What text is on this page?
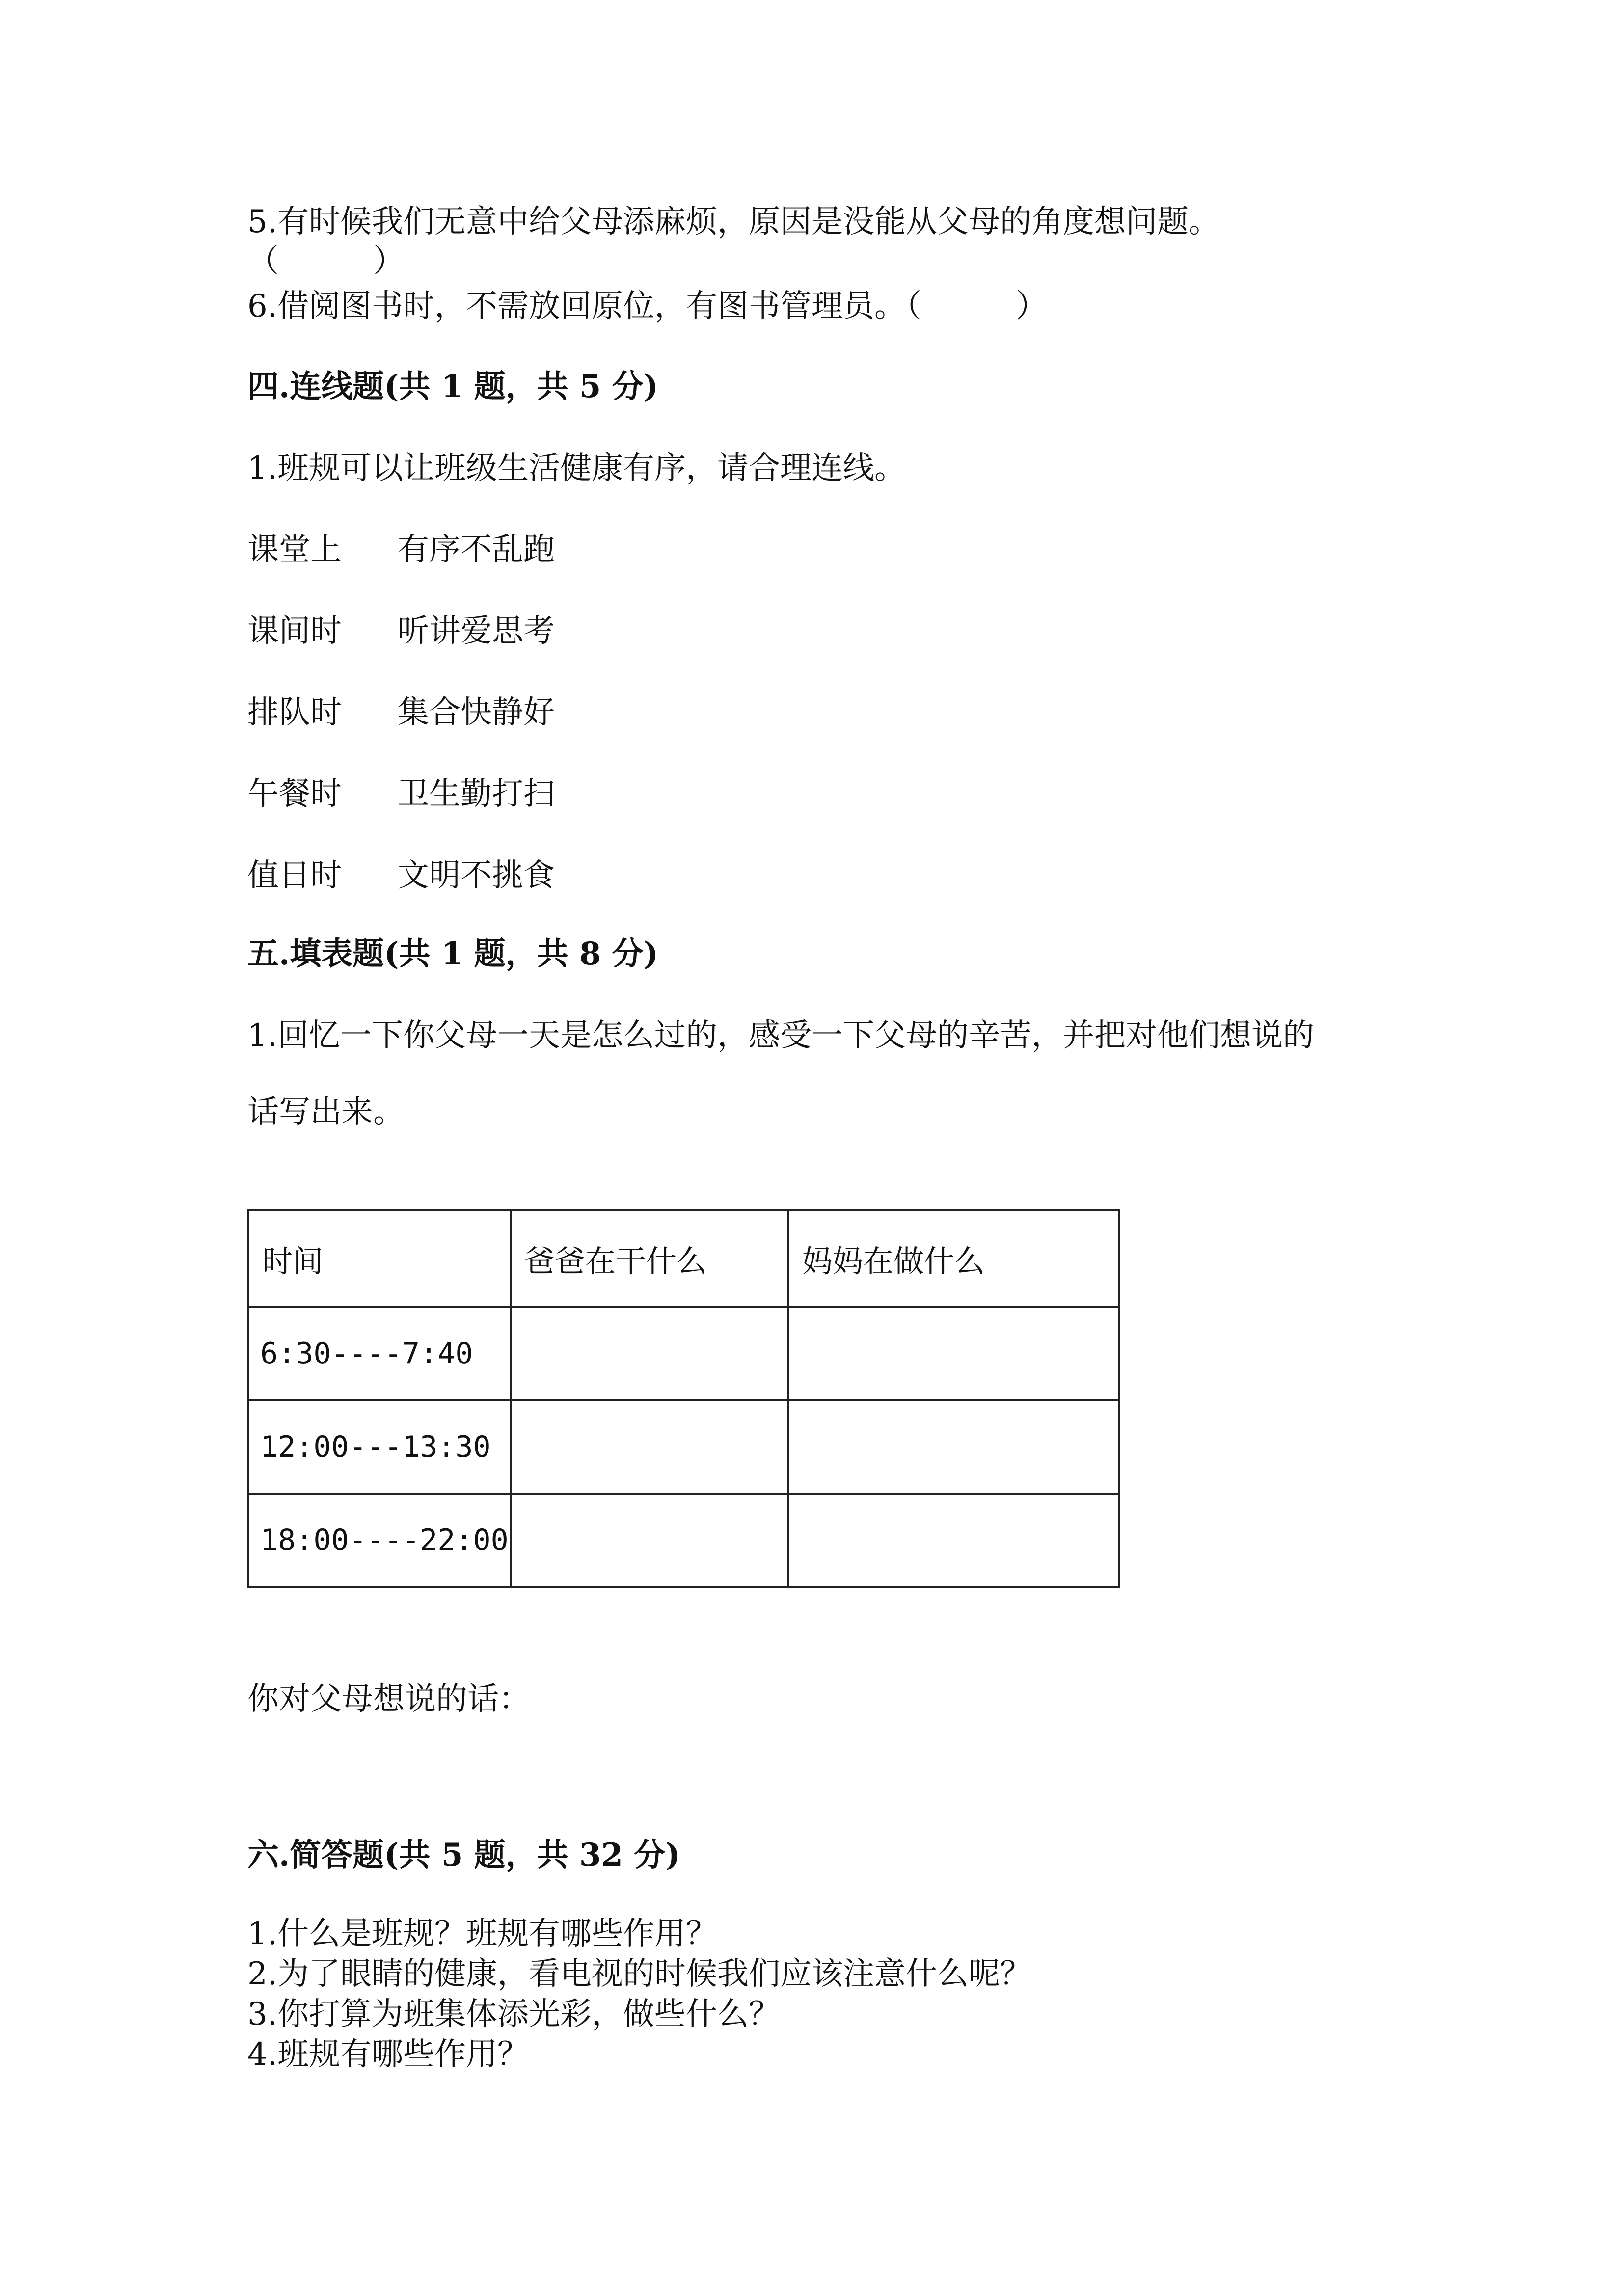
5.有时候我们无意中给父母添麻烦，原因是没能从父母的角度想问题。
（　　　）
6.借阅图书时，不需放回原位，有图书管理员。（　　　）
四.连线题(共 1 题，共 5 分)
1.班规可以让班级生活健康有序，请合理连线。
课堂上 有序不乱跑
课间时 听讲爱思考
排队时 集合快静好
午餐时 卫生勤打扫
值日时 文明不挑食
五.填表题(共 1 题，共 8 分)
1.回忆一下你父母一天是怎么过的，感受一下父母的辛苦，并把对他们想说的
话写出来。
时间	爸爸在干什么	妈妈在做什么
6:30----7:40		
12:00---13:30		
18:00----22:00		
你对父母想说的话：
六.简答题(共 5 题，共 32 分)
1.什么是班规？班规有哪些作用？
2.为了眼睛的健康，看电视的时候我们应该注意什么呢？
3.你打算为班集体添光彩，做些什么？
4.班规有哪些作用？
